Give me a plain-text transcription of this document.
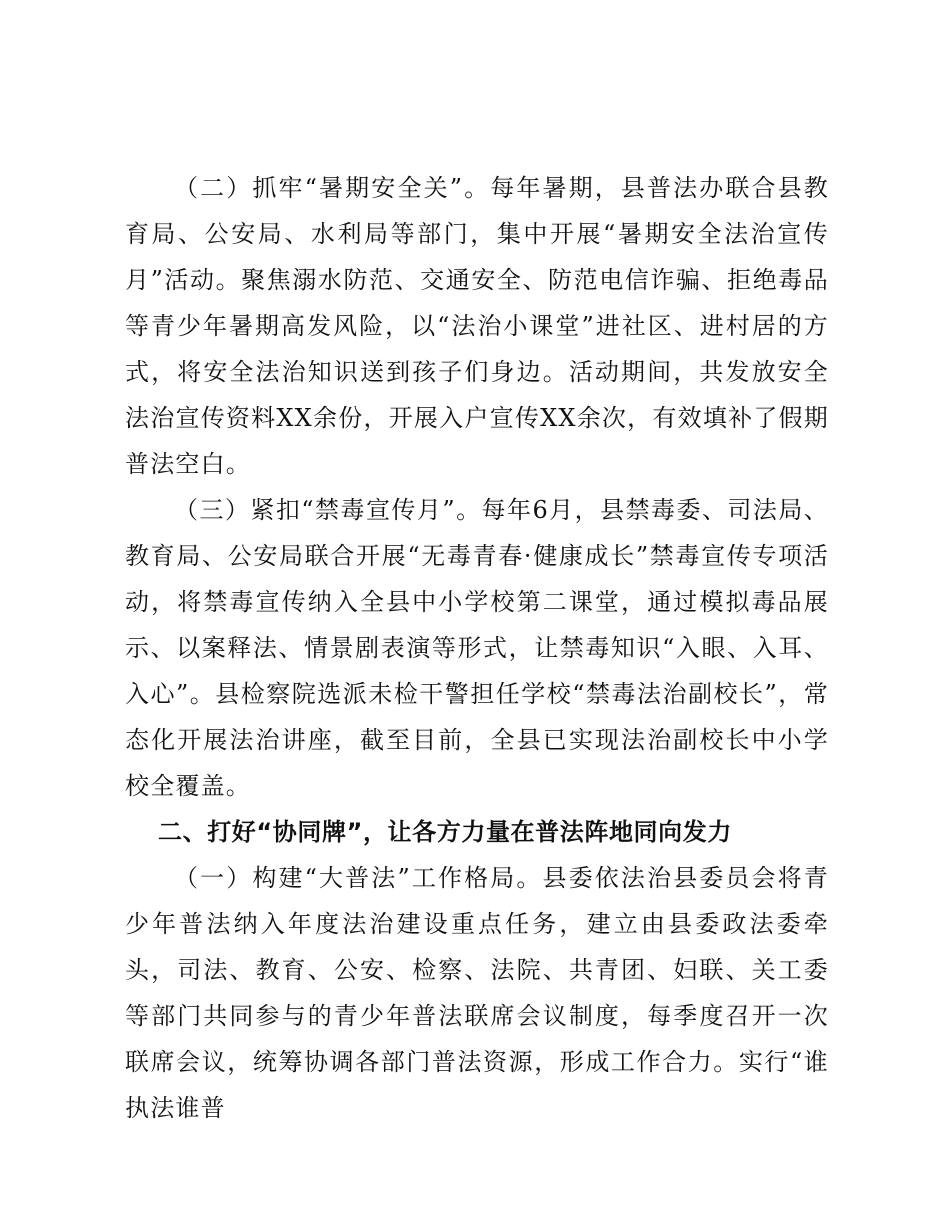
（二）抓牢“暑期安全关”。每年暑期，县普法办联合县教育局、公安局、水利局等部门，集中开展“暑期安全法治宣传月”活动。聚焦溺水防范、交通安全、防范电信诈骗、拒绝毒品等青少年暑期高发风险，以“法治小课堂”进社区、进村居的方式，将安全法治知识送到孩子们身边。活动期间，共发放安全法治宣传资料XX余份，开展入户宣传XX余次，有效填补了假期普法空白。

（三）紧扣“禁毒宣传月”。每年6月，县禁毒委、司法局、教育局、公安局联合开展“无毒青春·健康成长”禁毒宣传专项活动，将禁毒宣传纳入全县中小学校第二课堂，通过模拟毒品展示、以案释法、情景剧表演等形式，让禁毒知识“入眼、入耳、入心”。县检察院选派未检干警担任学校“禁毒法治副校长”，常态化开展法治讲座，截至目前，全县已实现法治副校长中小学校全覆盖。

二、打好“协同牌”，让各方力量在普法阵地同向发力

（一）构建“大普法”工作格局。县委依法治县委员会将青少年普法纳入年度法治建设重点任务，建立由县委政法委牵头，司法、教育、公安、检察、法院、共青团、妇联、关工委等部门共同参与的青少年普法联席会议制度，每季度召开一次联席会议，统筹协调各部门普法资源，形成工作合力。实行“谁执法谁普
